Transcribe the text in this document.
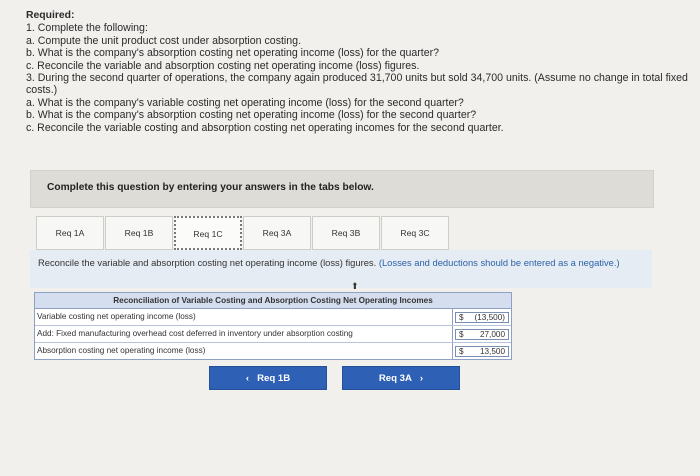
Required:
1. Complete the following:
a. Compute the unit product cost under absorption costing.
b. What is the company's absorption costing net operating income (loss) for the quarter?
c. Reconcile the variable and absorption costing net operating income (loss) figures.
3. During the second quarter of operations, the company again produced 31,700 units but sold 34,700 units. (Assume no change in total fixed costs.)
a. What is the company's variable costing net operating income (loss) for the second quarter?
b. What is the company's absorption costing net operating income (loss) for the second quarter?
c. Reconcile the variable costing and absorption costing net operating incomes for the second quarter.
Complete this question by entering your answers in the tabs below.
Req 1A	Req 1B	Req 1C	Req 3A	Req 3B	Req 3C
Reconcile the variable and absorption costing net operating income (loss) figures. (Losses and deductions should be entered as a negative.)
⬆
Reconciliation of Variable Costing and Absorption Costing Net Operating Incomes
Variable costing net operating income (loss)	$ (13,500)
Add: Fixed manufacturing overhead cost deferred in inventory under absorption costing	$ 27,000
Absorption costing net operating income (loss)	$ 13,500
‹ Req 1B	Req 3A ›
